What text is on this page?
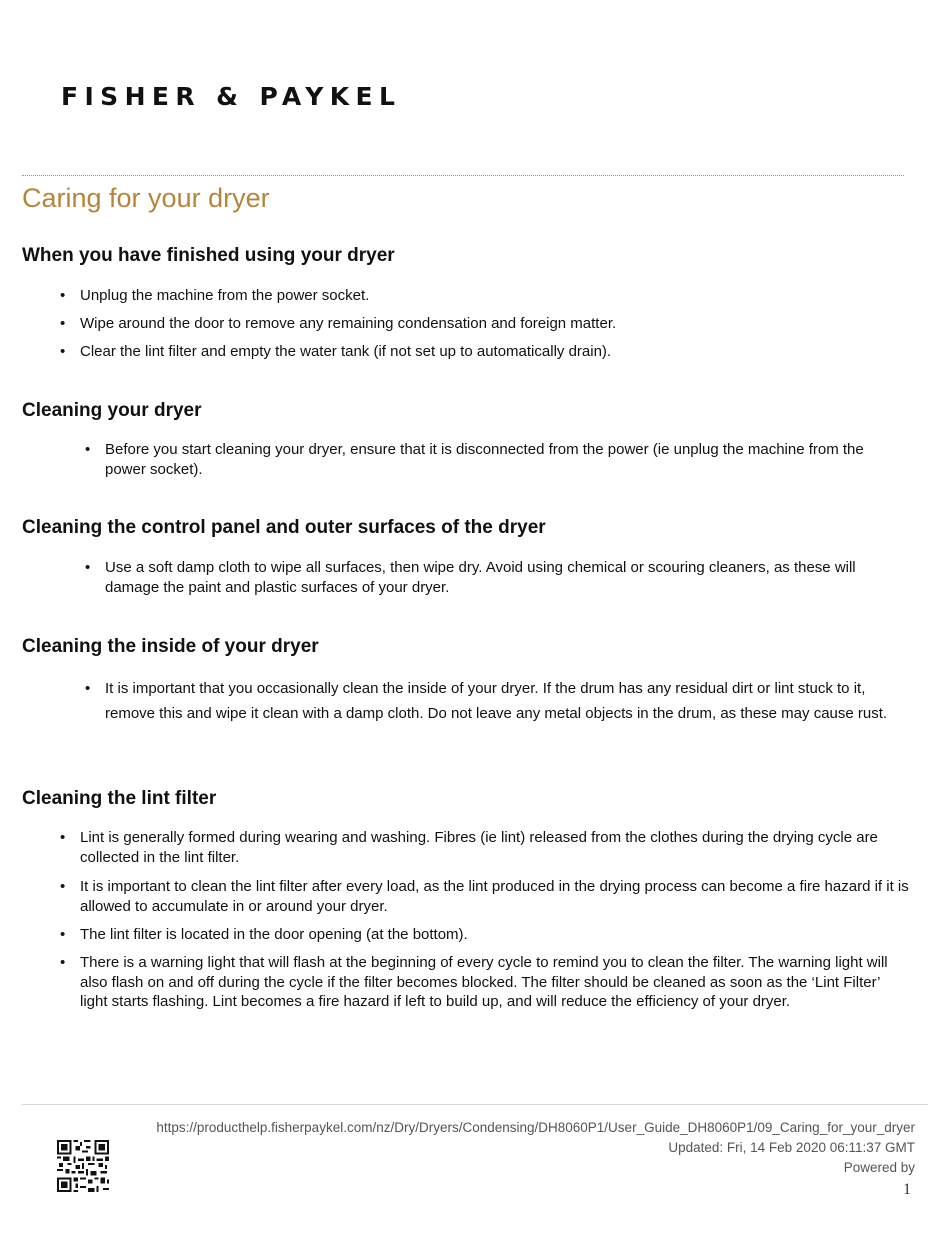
FISHER & PAYKEL
Caring for your dryer
When you have finished using your dryer
• Unplug the machine from the power socket.
• Wipe around the door to remove any remaining condensation and foreign matter.
• Clear the lint filter and empty the water tank (if not set up to automatically drain).
Cleaning your dryer
• Before you start cleaning your dryer, ensure that it is disconnected from the power (ie unplug the machine from the power socket).
Cleaning the control panel and outer surfaces of the dryer
• Use a soft damp cloth to wipe all surfaces, then wipe dry. Avoid using chemical or scouring cleaners, as these will damage the paint and plastic surfaces of your dryer.
Cleaning the inside of your dryer
• It is important that you occasionally clean the inside of your dryer. If the drum has any residual dirt or lint stuck to it, remove this and wipe it clean with a damp cloth. Do not leave any metal objects in the drum, as these may cause rust.
Cleaning the lint filter
• Lint is generally formed during wearing and washing. Fibres (ie lint) released from the clothes during the drying cycle are collected in the lint filter.
• It is important to clean the lint filter after every load, as the lint produced in the drying process can become a fire hazard if it is allowed to accumulate in or around your dryer.
• The lint filter is located in the door opening (at the bottom).
• There is a warning light that will flash at the beginning of every cycle to remind you to clean the filter. The warning light will also flash on and off during the cycle if the filter becomes blocked. The filter should be cleaned as soon as the ‘Lint Filter’ light starts flashing. Lint becomes a fire hazard if left to build up, and will reduce the efficiency of your dryer.
https://producthelp.fisherpaykel.com/nz/Dry/Dryers/Condensing/DH8060P1/User_Guide_DH8060P1/09_Caring_for_your_dryer
Updated: Fri, 14 Feb 2020 06:11:37 GMT
Powered by
1
